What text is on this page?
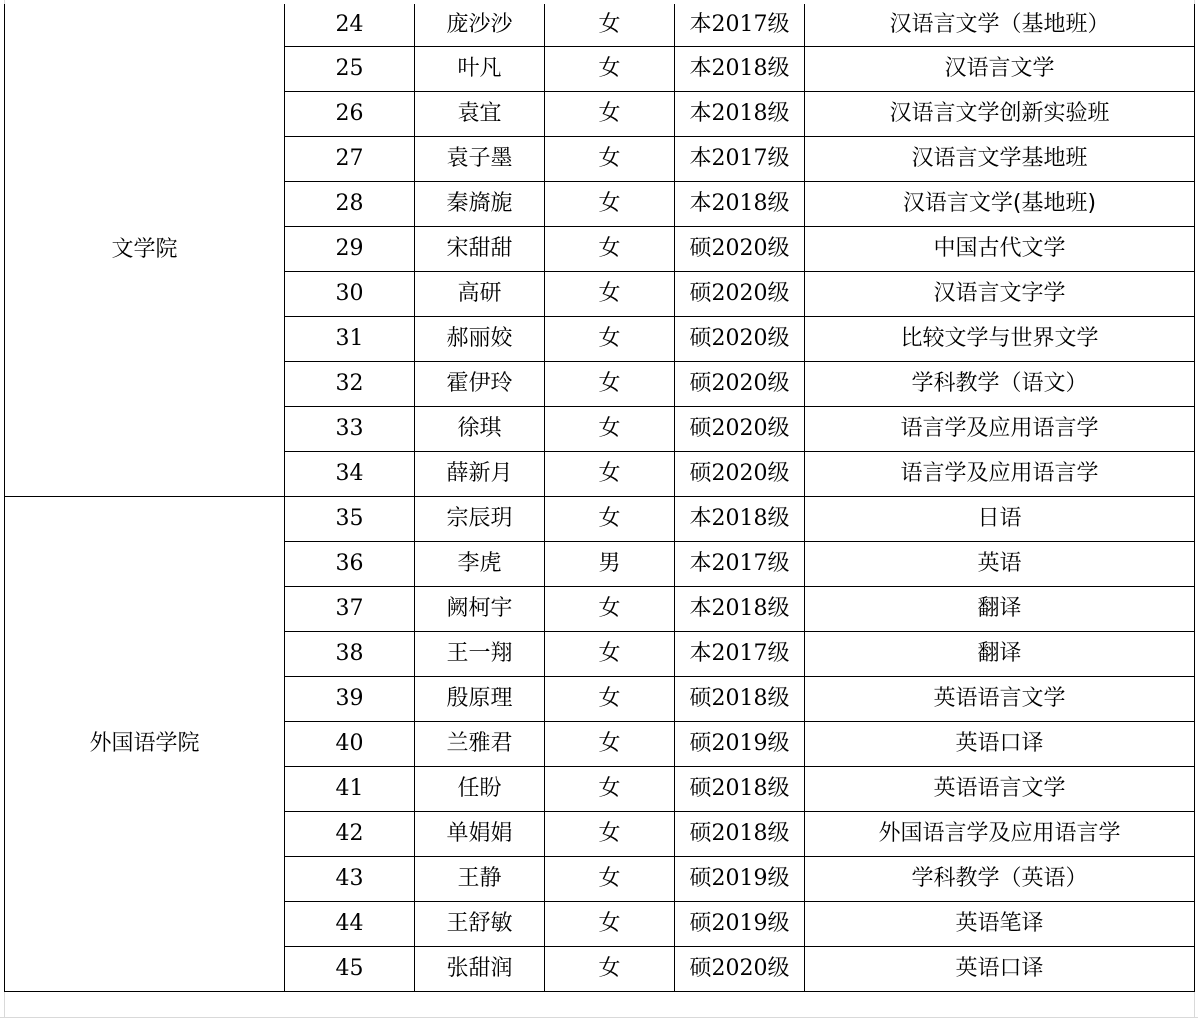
文学院	24	庞沙沙	女	本2017级	汉语言文学（基地班）
	25	叶凡	女	本2018级	汉语言文学
	26	袁宜	女	本2018级	汉语言文学创新实验班
	27	袁子墨	女	本2017级	汉语言文学基地班
	28	秦旖旎	女	本2018级	汉语言文学(基地班)
	29	宋甜甜	女	硕2020级	中国古代文学
	30	高研	女	硕2020级	汉语言文字学
	31	郝丽姣	女	硕2020级	比较文学与世界文学
	32	霍伊玲	女	硕2020级	学科教学（语文）
	33	徐琪	女	硕2020级	语言学及应用语言学
	34	薛新月	女	硕2020级	语言学及应用语言学
外国语学院	35	宗辰玥	女	本2018级	日语
	36	李虎	男	本2017级	英语
	37	阙柯宇	女	本2018级	翻译
	38	王一翔	女	本2017级	翻译
	39	殷原理	女	硕2018级	英语语言文学
	40	兰雅君	女	硕2019级	英语口译
	41	任盼	女	硕2018级	英语语言文学
	42	单娟娟	女	硕2018级	外国语言学及应用语言学
	43	王静	女	硕2019级	学科教学（英语）
	44	王舒敏	女	硕2019级	英语笔译
	45	张甜润	女	硕2020级	英语口译
